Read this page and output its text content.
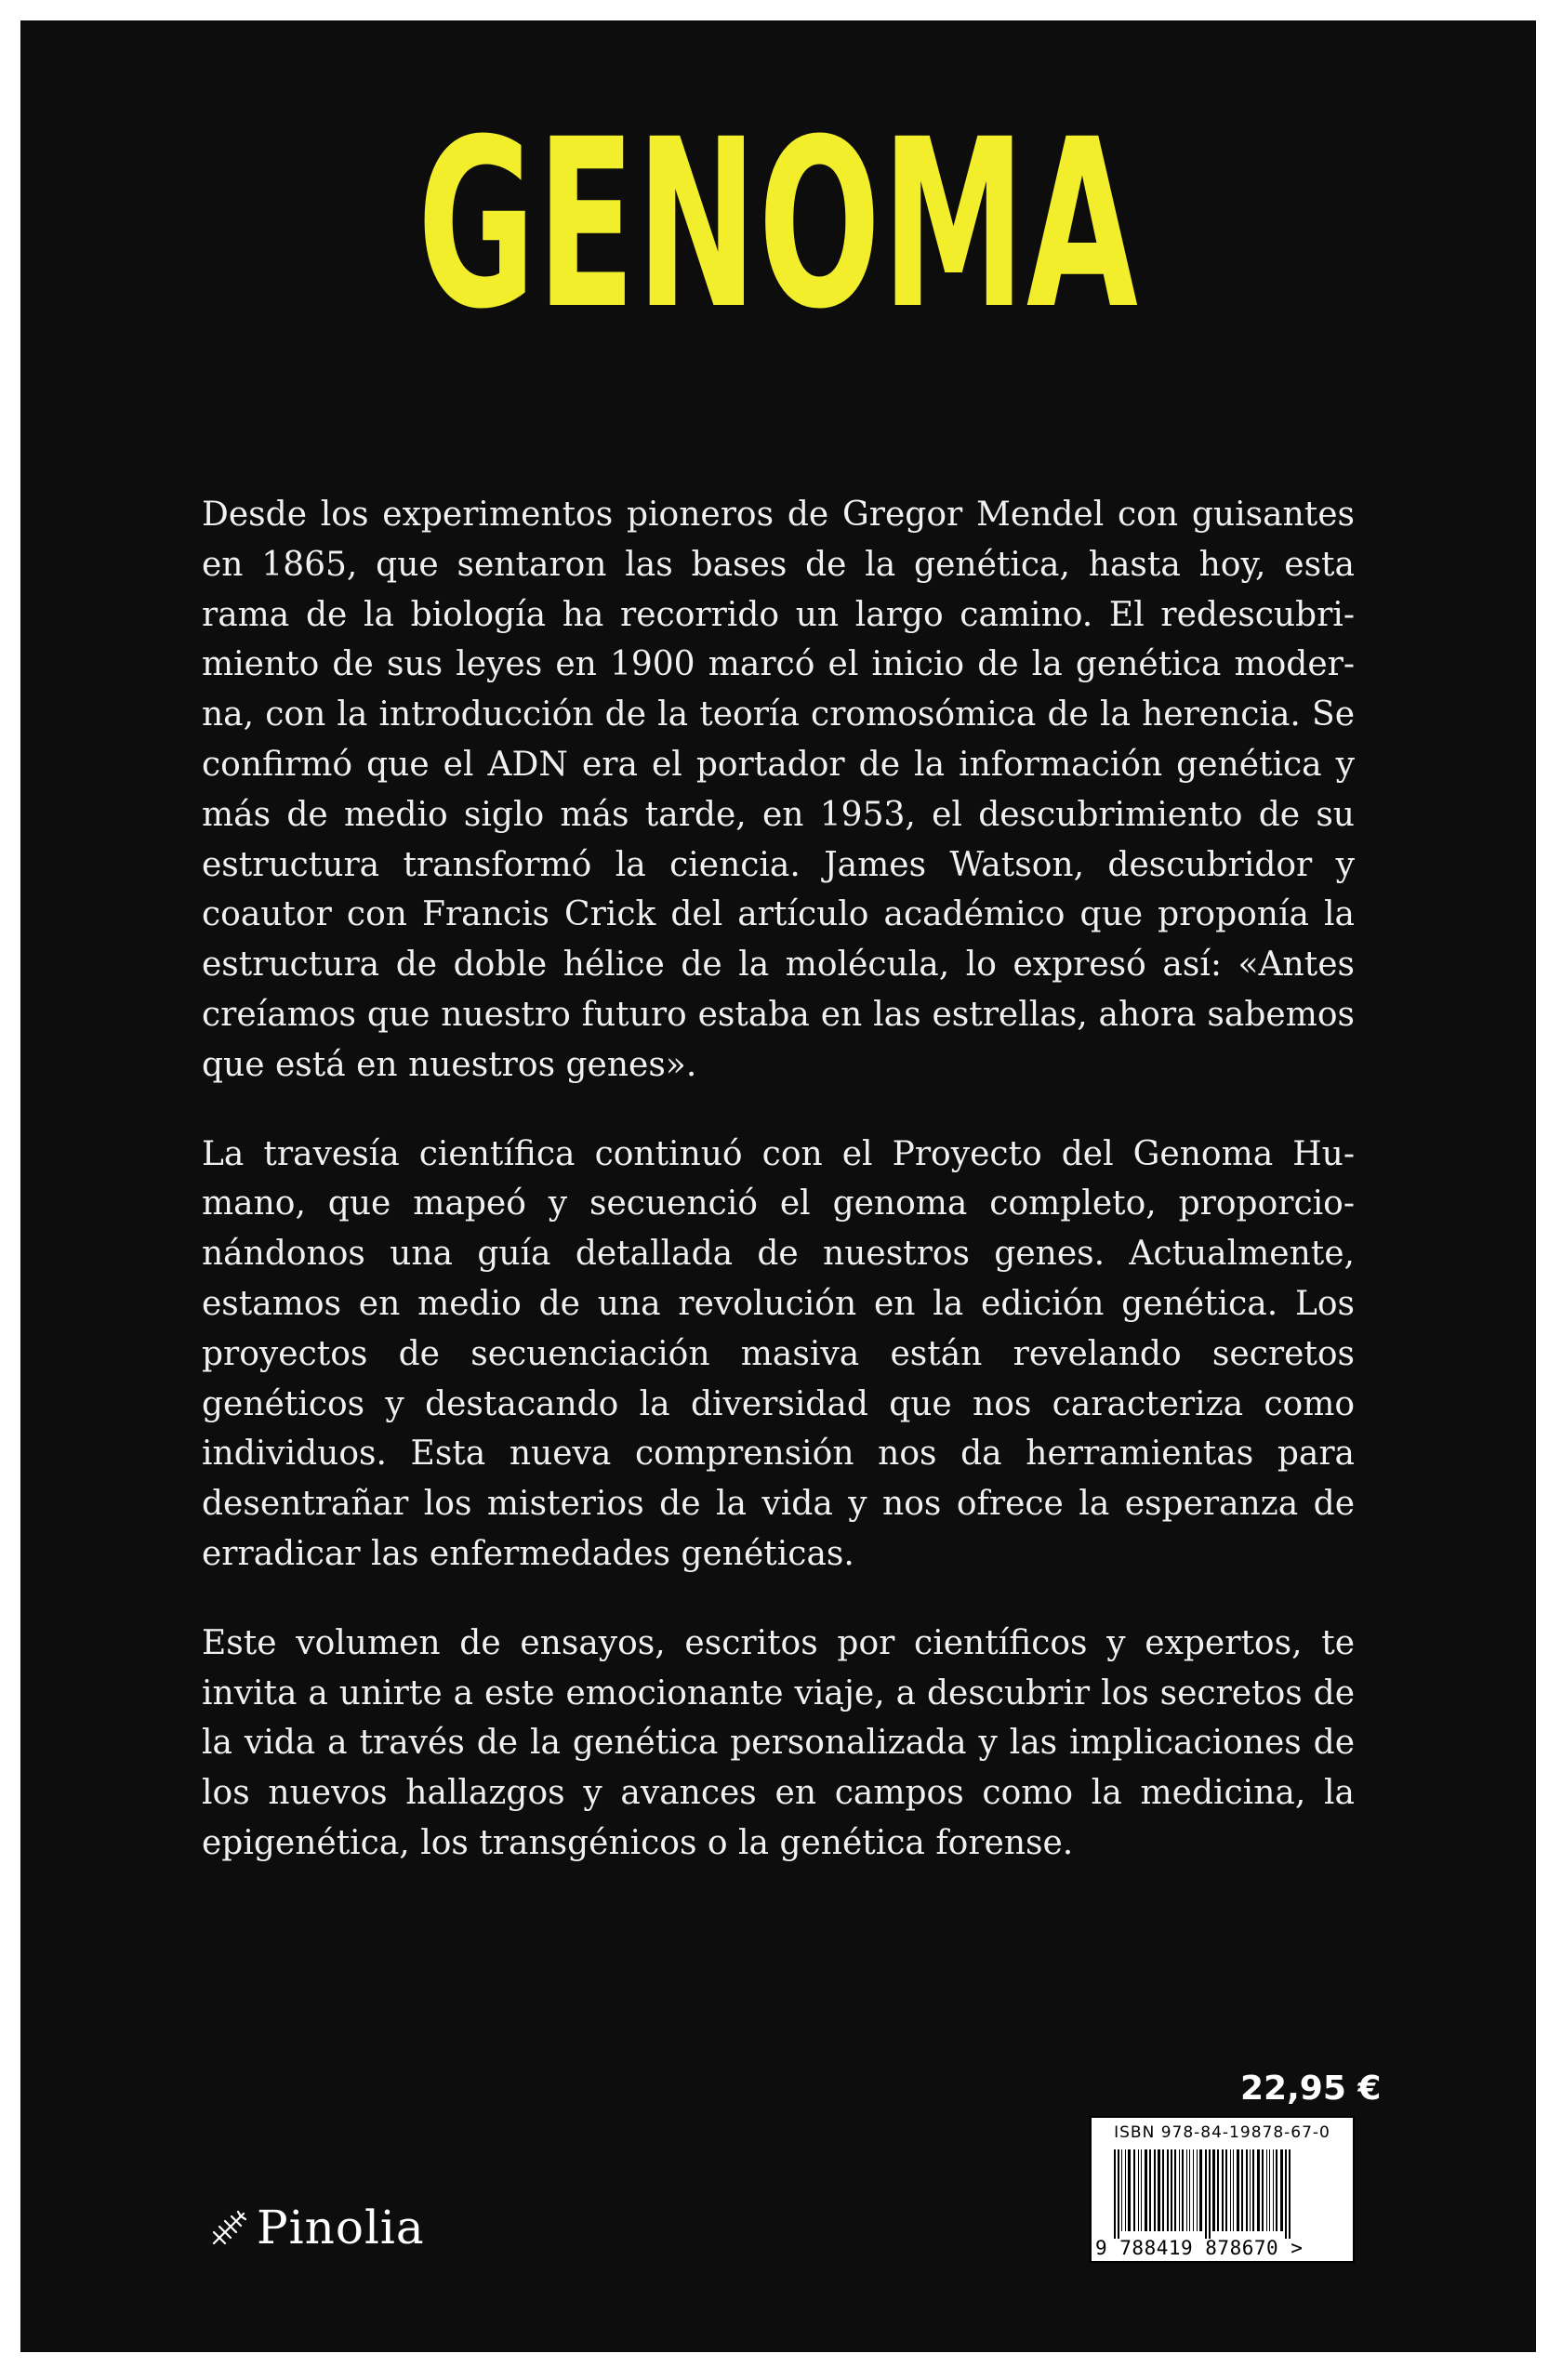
GENOMA

Desde los experimentos pioneros de Gregor Mendel con guisantes en 1865, que sentaron las bases de la genética, hasta hoy, esta rama de la biología ha recorrido un largo camino. El redescubrimiento de sus leyes en 1900 marcó el inicio de la genética moderna, con la introducción de la teoría cromosómica de la herencia. Se confirmó que el ADN era el portador de la información genética y más de medio siglo más tarde, en 1953, el descubrimiento de su estructura transformó la ciencia. James Watson, descubridor y coautor con Francis Crick del artículo académico que proponía la estructura de doble hélice de la molécula, lo expresó así: «Antes creíamos que nuestro futuro estaba en las estrellas, ahora sabemos que está en nuestros genes».

La travesía científica continuó con el Proyecto del Genoma Humano, que mapeó y secuenció el genoma completo, proporcionándonos una guía detallada de nuestros genes. Actualmente, estamos en medio de una revolución en la edición genética. Los proyectos de secuenciación masiva están revelando secretos genéticos y destacando la diversidad que nos caracteriza como individuos. Esta nueva comprensión nos da herramientas para desentrañar los misterios de la vida y nos ofrece la esperanza de erradicar las enfermedades genéticas.

Este volumen de ensayos, escritos por científicos y expertos, te invita a unirte a este emocionante viaje, a descubrir los secretos de la vida a través de la genética personalizada y las implicaciones de los nuevos hallazgos y avances en campos como la medicina, la epigenética, los transgénicos o la genética forense.

22,95 €
ISBN 978-84-19878-67-0
9 788419 878670 >
Pinolia
